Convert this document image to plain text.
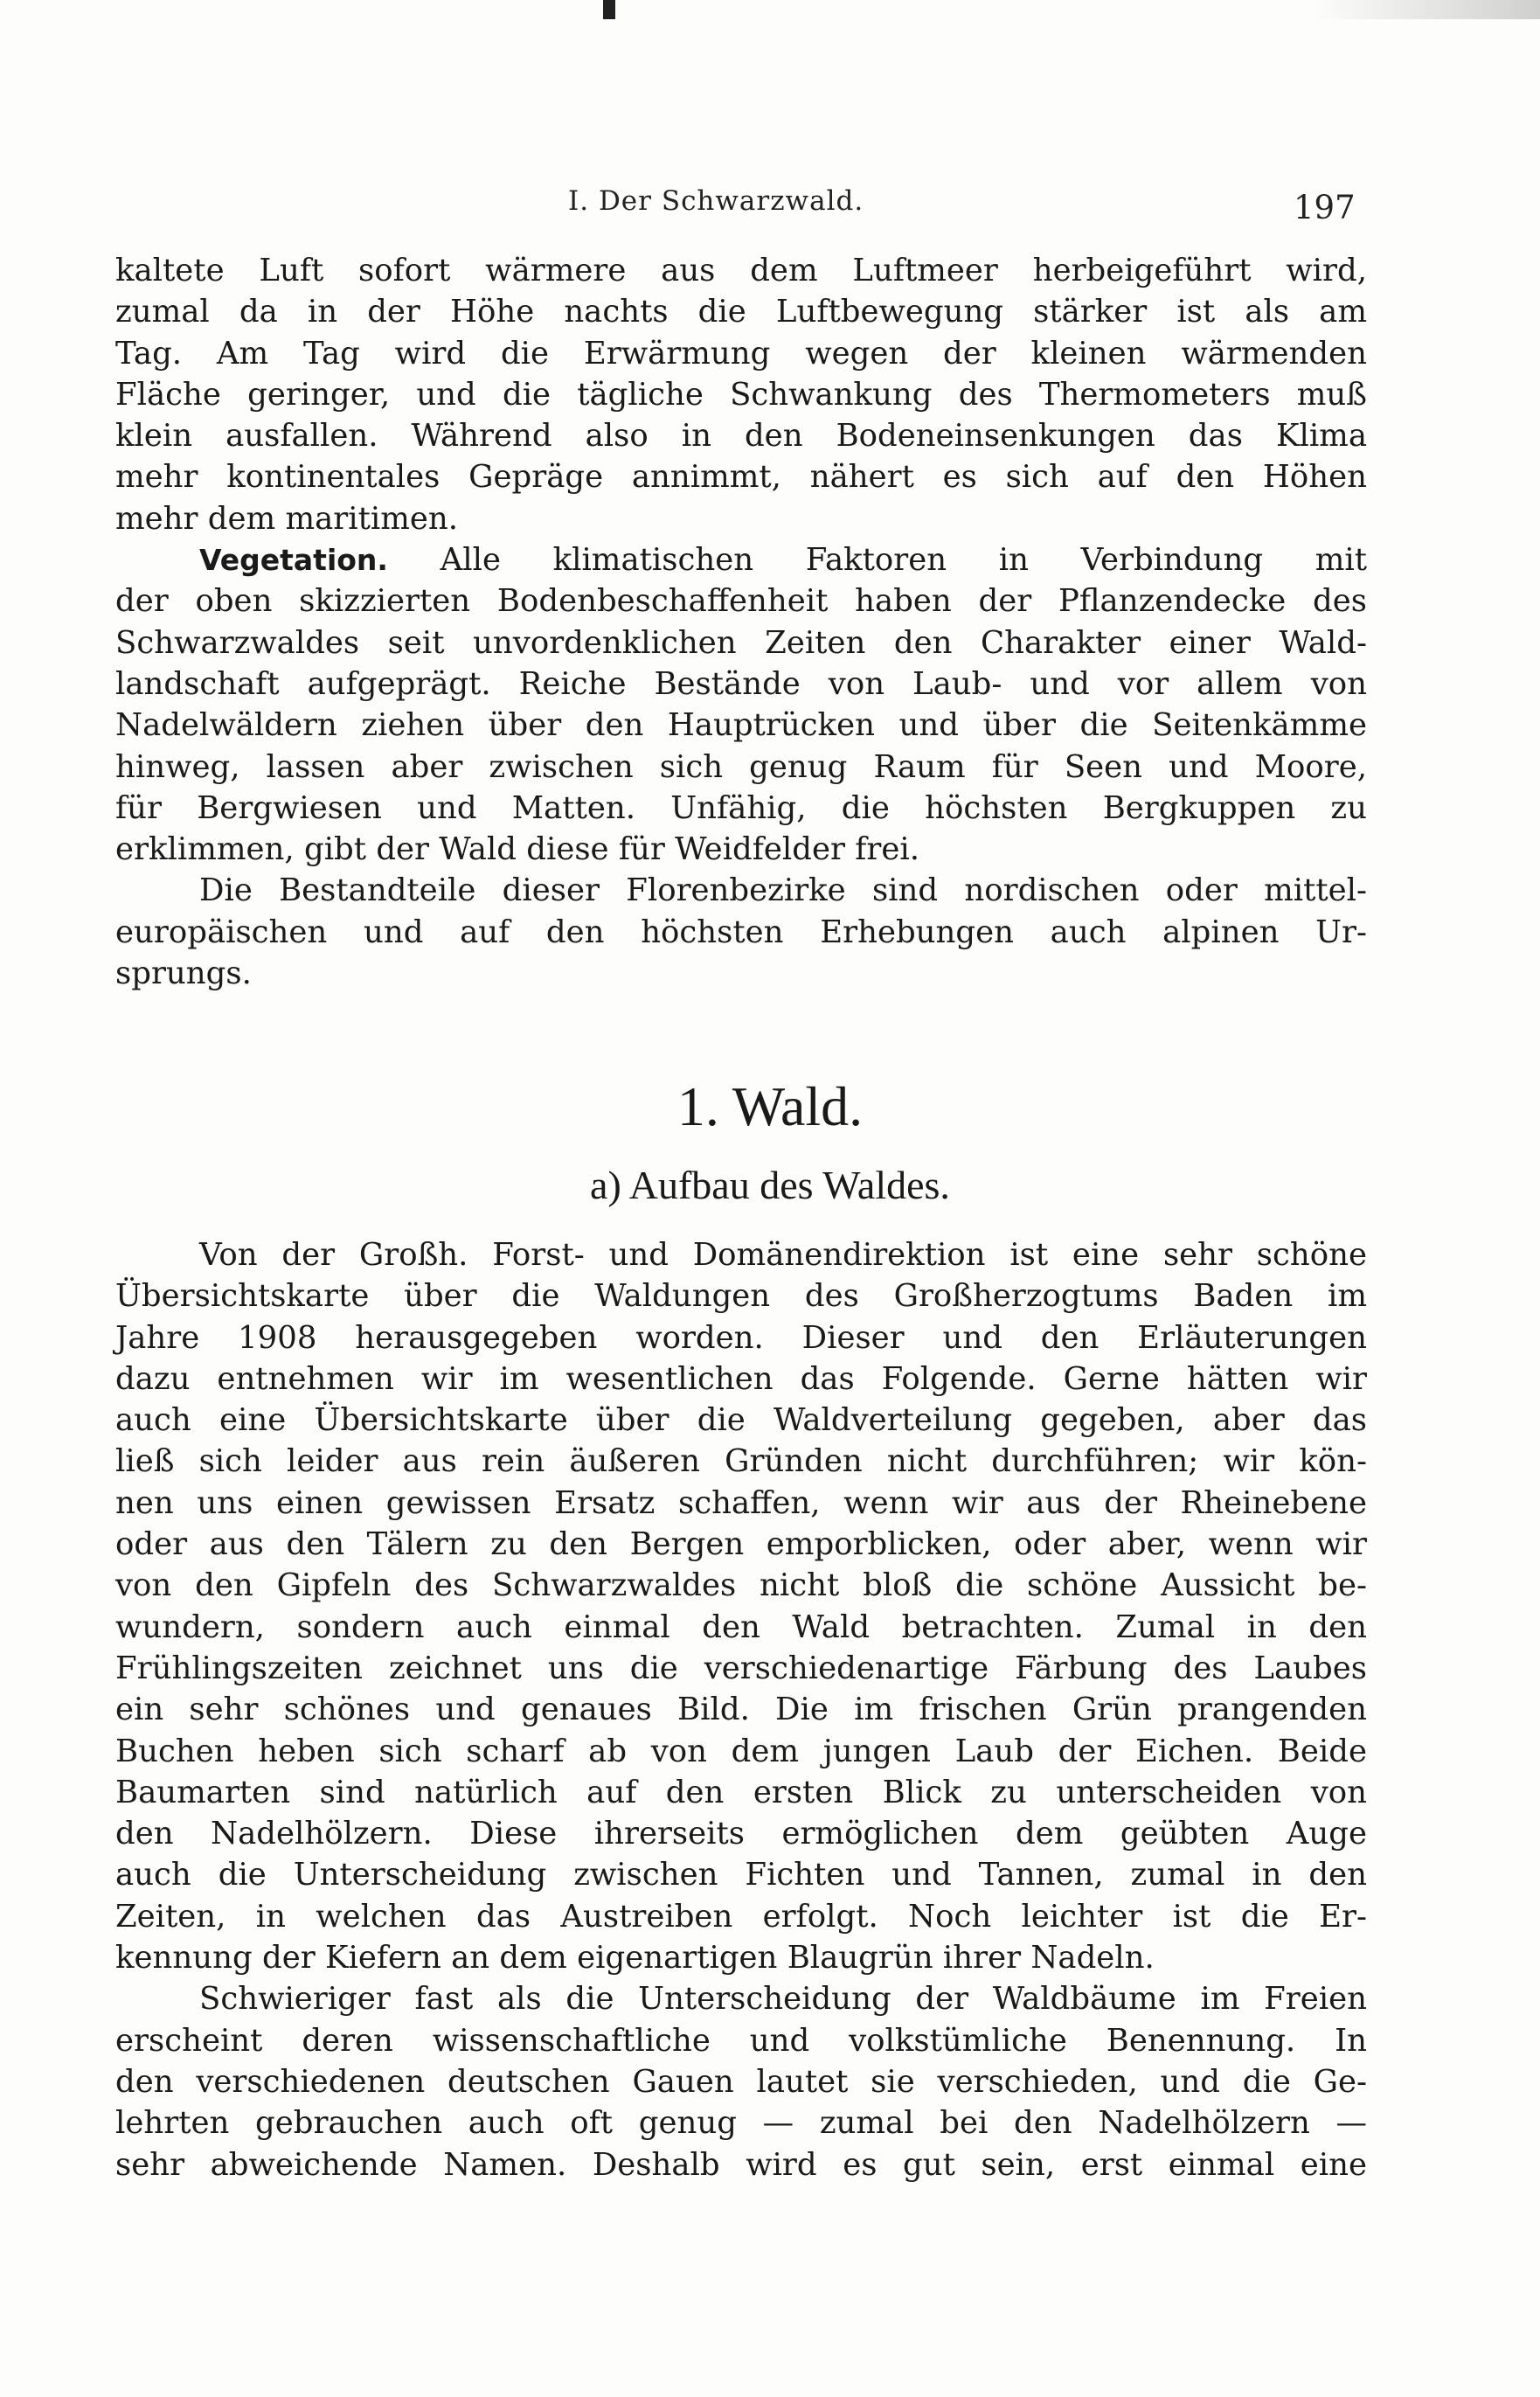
I. Der Schwarzwald.	197
kaltete Luft sofort wärmere aus dem Luftmeer herbeigeführt wird,
zumal da in der Höhe nachts die Luftbewegung stärker ist als am
Tag. Am Tag wird die Erwärmung wegen der kleinen wärmenden
Fläche geringer, und die tägliche Schwankung des Thermometers muß
klein ausfallen. Während also in den Bodeneinsenkungen das Klima
mehr kontinentales Gepräge annimmt, nähert es sich auf den Höhen
mehr dem maritimen.
Vegetation. Alle klimatischen Faktoren in Verbindung mit
der oben skizzierten Bodenbeschaffenheit haben der Pflanzendecke des
Schwarzwaldes seit unvordenklichen Zeiten den Charakter einer Wald-
landschaft aufgeprägt. Reiche Bestände von Laub- und vor allem von
Nadelwäldern ziehen über den Hauptrücken und über die Seitenkämme
hinweg, lassen aber zwischen sich genug Raum für Seen und Moore,
für Bergwiesen und Matten. Unfähig, die höchsten Bergkuppen zu
erklimmen, gibt der Wald diese für Weidfelder frei.
Die Bestandteile dieser Florenbezirke sind nordischen oder mittel-
europäischen und auf den höchsten Erhebungen auch alpinen Ur-
sprungs.
1. Wald.
a) Aufbau des Waldes.
Von der Großh. Forst- und Domänendirektion ist eine sehr schöne
Übersichtskarte über die Waldungen des Großherzogtums Baden im
Jahre 1908 herausgegeben worden. Dieser und den Erläuterungen
dazu entnehmen wir im wesentlichen das Folgende. Gerne hätten wir
auch eine Übersichtskarte über die Waldverteilung gegeben, aber das
ließ sich leider aus rein äußeren Gründen nicht durchführen; wir kön-
nen uns einen gewissen Ersatz schaffen, wenn wir aus der Rheinebene
oder aus den Tälern zu den Bergen emporblicken, oder aber, wenn wir
von den Gipfeln des Schwarzwaldes nicht bloß die schöne Aussicht be-
wundern, sondern auch einmal den Wald betrachten. Zumal in den
Frühlingszeiten zeichnet uns die verschiedenartige Färbung des Laubes
ein sehr schönes und genaues Bild. Die im frischen Grün prangenden
Buchen heben sich scharf ab von dem jungen Laub der Eichen. Beide
Baumarten sind natürlich auf den ersten Blick zu unterscheiden von
den Nadelhölzern. Diese ihrerseits ermöglichen dem geübten Auge
auch die Unterscheidung zwischen Fichten und Tannen, zumal in den
Zeiten, in welchen das Austreiben erfolgt. Noch leichter ist die Er-
kennung der Kiefern an dem eigenartigen Blaugrün ihrer Nadeln.
Schwieriger fast als die Unterscheidung der Waldbäume im Freien
erscheint deren wissenschaftliche und volkstümliche Benennung. In
den verschiedenen deutschen Gauen lautet sie verschieden, und die Ge-
lehrten gebrauchen auch oft genug — zumal bei den Nadelhölzern —
sehr abweichende Namen. Deshalb wird es gut sein, erst einmal eine
